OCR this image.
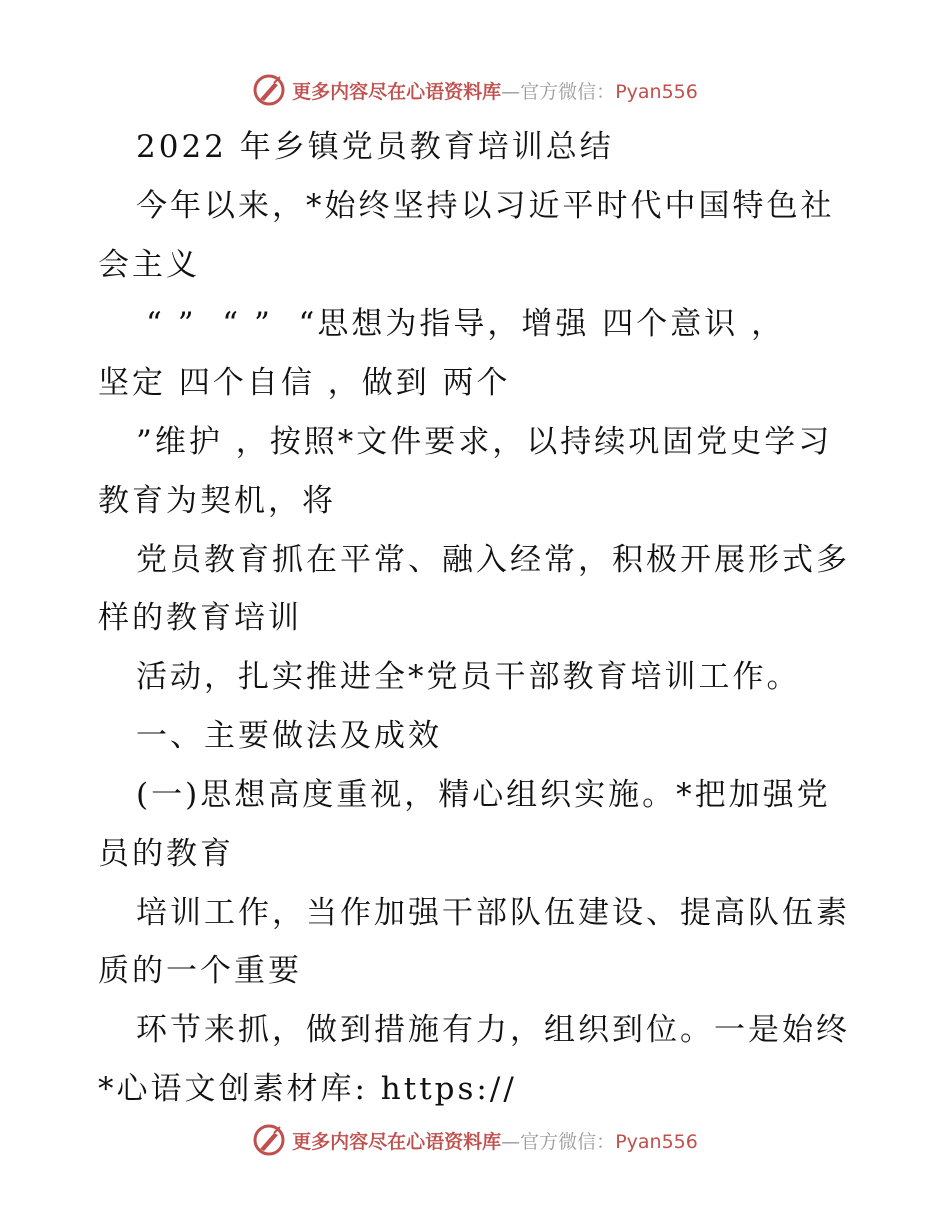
更多内容尽在心语资料库—官方微信：Pyan556
2022 年乡镇党员教育培训总结
今年以来，*始终坚持以习近平时代中国特色社
会主义
“ ”  “ ”  “思想为指导，增强 四个意识 ，
坚定 四个自信 ，做到 两个
”维护 ，按照*文件要求，以持续巩固党史学习
教育为契机，将
党员教育抓在平常、融入经常，积极开展形式多
样的教育培训
活动，扎实推进全*党员干部教育培训工作。
一、主要做法及成效
(一)思想高度重视，精心组织实施。*把加强党
员的教育
培训工作，当作加强干部队伍建设、提高队伍素
质的一个重要
环节来抓，做到措施有力，组织到位。一是始终
*心语文创素材库: https://
更多内容尽在心语资料库—官方微信：Pyan556
